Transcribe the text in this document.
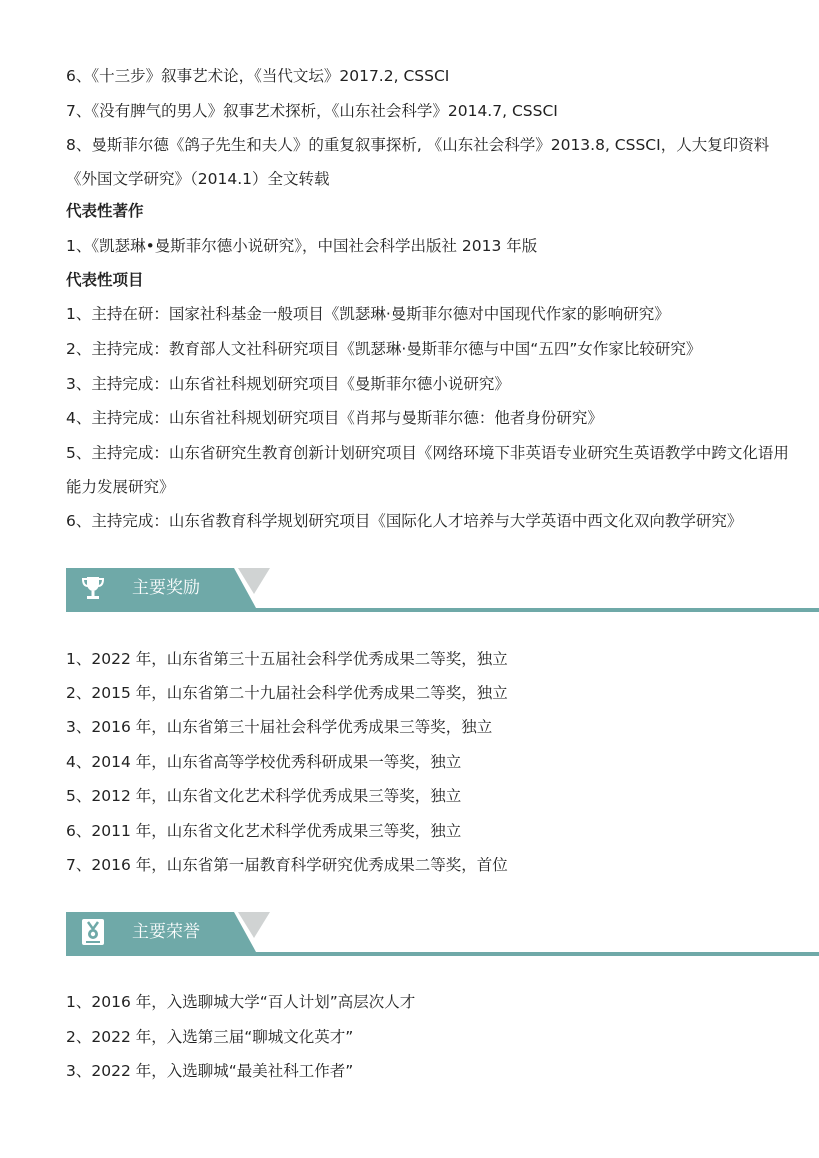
6、《十三步》叙事艺术论，《当代文坛》2017.2, CSSCI
7、《没有脾气的男人》叙事艺术探析，《山东社会科学》2014.7, CSSCI
8、曼斯菲尔德《鸽子先生和夫人》的重复叙事探析, 《山东社会科学》2013.8, CSSCI，人大复印资料《外国文学研究》（2014.1）全文转载
代表性著作
1、《凯瑟琳•曼斯菲尔德小说研究》，中国社会科学出版社 2013 年版
代表性项目
1、主持在研：国家社科基金一般项目《凯瑟琳·曼斯菲尔德对中国现代作家的影响研究》
2、主持完成：教育部人文社科研究项目《凯瑟琳·曼斯菲尔德与中国“五四”女作家比较研究》
3、主持完成：山东省社科规划研究项目《曼斯菲尔德小说研究》
4、主持完成：山东省社科规划研究项目《肖邦与曼斯菲尔德：他者身份研究》
5、主持完成：山东省研究生教育创新计划研究项目《网络环境下非英语专业研究生英语教学中跨文化语用能力发展研究》
6、主持完成：山东省教育科学规划研究项目《国际化人才培养与大学英语中西文化双向教学研究》
主要奖励
1、2022 年，山东省第三十五届社会科学优秀成果二等奖，独立
2、2015 年，山东省第二十九届社会科学优秀成果二等奖，独立
3、2016 年，山东省第三十届社会科学优秀成果三等奖，独立
4、2014 年，山东省高等学校优秀科研成果一等奖，独立
5、2012 年，山东省文化艺术科学优秀成果三等奖，独立
6、2011 年，山东省文化艺术科学优秀成果三等奖，独立
7、2016 年，山东省第一届教育科学研究优秀成果二等奖，首位
主要荣誉
1、2016 年，入选聊城大学“百人计划”高层次人才
2、2022 年，入选第三届“聊城文化英才”
3、2022 年，入选聊城“最美社科工作者”
